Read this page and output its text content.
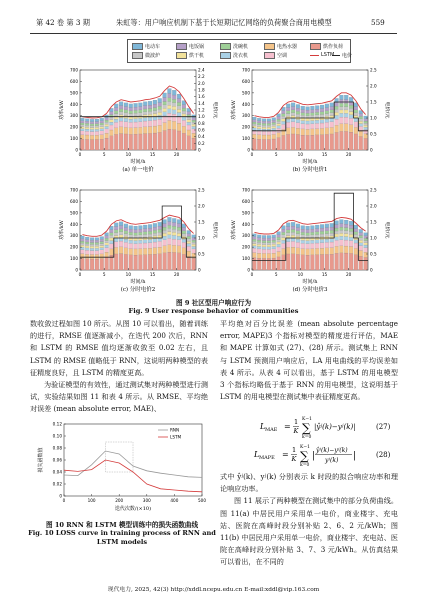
第 42 卷 第 3 期	朱虹等：用户响应机制下基于长短期记忆网络的负荷聚合商用电模型	559
电动车	电饭锅	洗碗机	电热水器	烘作负荷
微波炉	烘干机	洗衣机	空调	LSTM 电价
0
100
200
300
400
500
600
700
0
0.2
0.4
0.6
0.8
1.0
1.2
1.4
1.6
1.8
2.0
2.2
2.4
0	5	10	15	20
时间/h
功率/kW	电价/元
(a) 单一电价
0
100
200
300
400
500
600
700
0
0.5
1.0
1.5
2.0
2.5
0	5	10	15	20
时间/h
功率/kW	电价/元
(b) 分时电价1
0
100
200
300
400
500
600
700
0
0.5
1.0
1.5
2.0
2.5
0	5	10	15	20
时间/h
功率/kW	电价/元
(c) 分时电价2
0
100
200
300
400
500
600
700
0
0.5
1.0
1.5
2.0
2.5
0	5	10	15	20
时间/h
功率/kW	电价/元
(d) 分时电价3
图 9 社区型用户响应行为
Fig. 9 User response behavior of communities

数收敛过程如图 10 所示。从图 10 可以看出，随着训练的进行，RMSE 值逐渐减小，在迭代 200 次后，RNN 和 LSTM 的 RMSE 值均逐渐收敛至 0.02 左右，且 LSTM 的 RMSE 值略低于 RNN，这说明两种模型的表征精度良好，且 LSTM 的精度更高。

为验证模型的有效性，通过测试集对两种模型进行测试，实验结果如图 11 和表 4 所示。从 RMSE、平均绝对误差 (mean absolute error, MAE)、

0
0.02
0.04
0.06
0.08
0.10
0.12
0	100	200	300	400	500
迭代次数/(×10)
损失函数值
RNN
LSTM
图 10 RNN 和 LSTM 模型训练中的损失函数曲线
Fig. 10 LOSS curve in training process of RNN and
LSTM models

平均绝对百分比误差 (mean absolute percentage error, MAPE)3 个指标对模型的精度进行评估，MAE 和 MAPE 计算如式 (27)、(28) 所示。测试集上 RNN 与 LSTM 预测用户响应后，LA 用电曲线的平均误差如表 4 所示。从表 4 可以看出，基于 LSTM 的用电模型 3 个指标均略低于基于 RNN 的用电模型，这说明基于 LSTM 的用电模型在测试集中表征精度更高。

L MAE = 1
K ∑
K−1
k=0
|ŷʲ(k)−yʲ(k)|	(27)
L MAPE = 1
K ∑
K−1
k=0
|
ŷʲ(k)−yʲ(k)
yʲ(k) |	(28)

式中 ŷʲ(k)、yʲ(k) 分别表示 k 时段的拟合响应功率和理论响应功率。

图 11 展示了两种模型在测试集中的部分负荷曲线。图 11(a) 中居民用户采用单一电价，商业楼宇、充电站、医院在高峰时段分别补贴 2、6、2 元/kWh；图 11(b) 中居民用户采用单一电价，商业楼宇、充电站、医院在高峰时段分别补贴 3、7、3 元/kWh。从仿真结果可以看出，在不同的

现代电力, 2025, 42(3) http://xddl.ncepu.edu.cn E-mail:xddl@vip.163.com
